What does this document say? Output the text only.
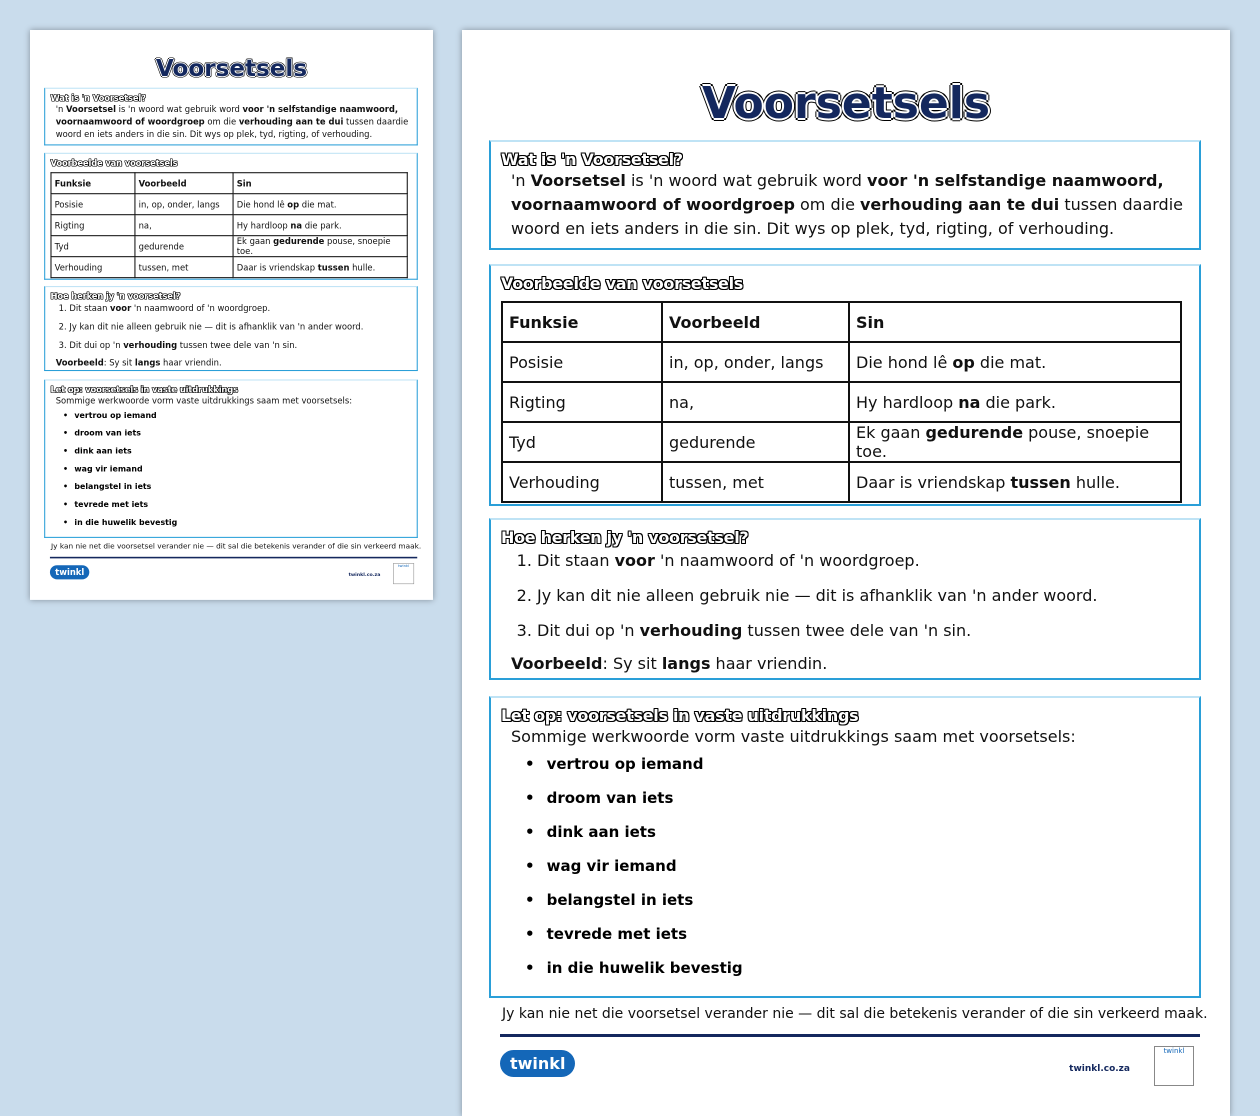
Voorsetsels
Wat is 'n Voorsetsel?
'n Voorsetsel is 'n woord wat gebruik word voor 'n selfstandige naamwoord, voornaamwoord of woordgroep om die verhouding aan te dui tussen daardie woord en iets anders in die sin. Dit wys op plek, tyd, rigting, of verhouding.
Voorbeelde van voorsetsels
Funksie	Voorbeeld	Sin
Posisie	in, op, onder, langs	Die hond lê op die mat.
Rigting	na,	Hy hardloop na die park.
Tyd	gedurende	Ek gaan gedurende pouse, snoepie toe.
Verhouding	tussen, met	Daar is vriendskap tussen hulle.
Hoe herken jy 'n voorsetsel?
1. Dit staan voor 'n naamwoord of 'n woordgroep.
2. Jy kan dit nie alleen gebruik nie — dit is afhanklik van 'n ander woord.
3. Dit dui op 'n verhouding tussen twee dele van 'n sin.
Voorbeeld: Sy sit langs haar vriendin.
Let op: voorsetsels in vaste uitdrukkings
Sommige werkwoorde vorm vaste uitdrukkings saam met voorsetsels:
• vertrou op iemand
• droom van iets
• dink aan iets
• wag vir iemand
• belangstel in iets
• tevrede met iets
• in die huwelik bevestig
Jy kan nie net die voorsetsel verander nie — dit sal die betekenis verander of die sin verkeerd maak.
twinkl	twinkl.co.za
twinkl
Voorsetsels
Wat is 'n Voorsetsel?
'n Voorsetsel is 'n woord wat gebruik word voor 'n selfstandige naamwoord, voornaamwoord of woordgroep om die verhouding aan te dui tussen daardie woord en iets anders in die sin. Dit wys op plek, tyd, rigting, of verhouding.
Voorbeelde van voorsetsels
Funksie	Voorbeeld	Sin
Posisie	in, op, onder, langs	Die hond lê op die mat.
Rigting	na,	Hy hardloop na die park.
Tyd	gedurende	Ek gaan gedurende pouse, snoepie toe.
Verhouding	tussen, met	Daar is vriendskap tussen hulle.
Hoe herken jy 'n voorsetsel?
1. Dit staan voor 'n naamwoord of 'n woordgroep.
2. Jy kan dit nie alleen gebruik nie — dit is afhanklik van 'n ander woord.
3. Dit dui op 'n verhouding tussen twee dele van 'n sin.
Voorbeeld: Sy sit langs haar vriendin.
Let op: voorsetsels in vaste uitdrukkings
Sommige werkwoorde vorm vaste uitdrukkings saam met voorsetsels:
• vertrou op iemand
• droom van iets
• dink aan iets
• wag vir iemand
• belangstel in iets
• tevrede met iets
• in die huwelik bevestig
Jy kan nie net die voorsetsel verander nie — dit sal die betekenis verander of die sin verkeerd maak.
twinkl	twinkl.co.za
twinkl
